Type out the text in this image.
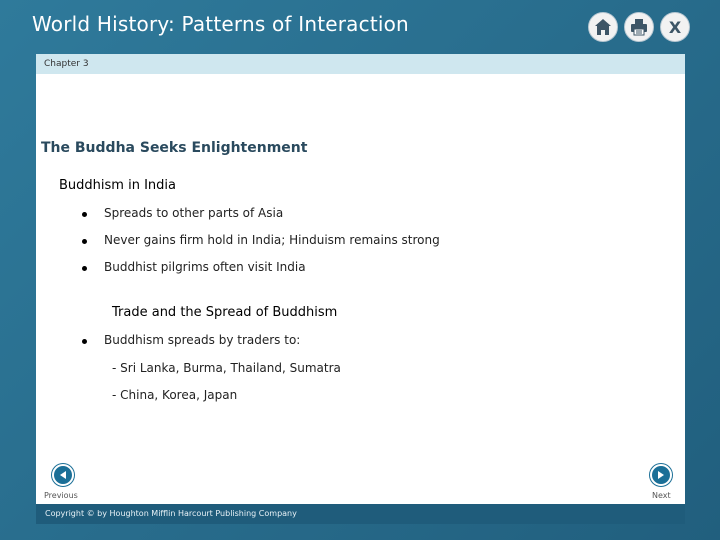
World History: Patterns of Interaction	X
Chapter 3
The Buddha Seeks Enlightenment
Buddhism in India
Spreads to other parts of Asia
Never gains firm hold in India; Hinduism remains strong
Buddhist pilgrims often visit India
Trade and the Spread of Buddhism
Buddhism spreads by traders to:
- Sri Lanka, Burma, Thailand, Sumatra
- China, Korea, Japan
Previous	Next
Copyright © by Houghton Mifflin Harcourt Publishing Company
